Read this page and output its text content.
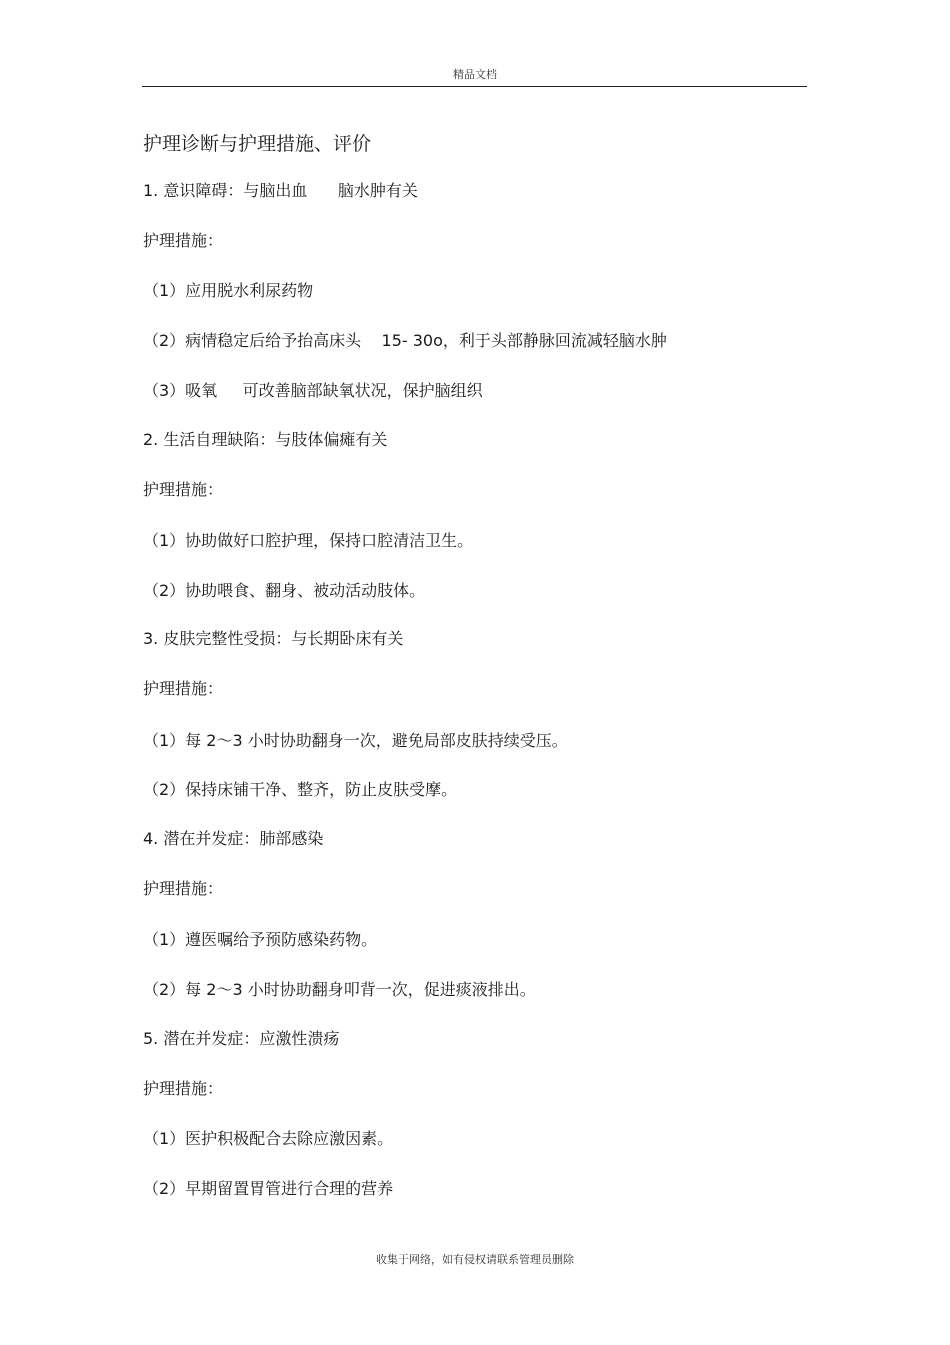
精品文档
护理诊断与护理措施、评价
1. 意识障碍：与脑出血      脑水肿有关
护理措施：
（1）应用脱水利尿药物
（2）病情稳定后给予抬高床头    15- 30o，利于头部静脉回流减轻脑水肿
（3）吸氧     可改善脑部缺氧状况，保护脑组织
2. 生活自理缺陷：与肢体偏瘫有关
护理措施：
（1）协助做好口腔护理，保持口腔清洁卫生。
（2）协助喂食、翻身、被动活动肢体。
3. 皮肤完整性受损：与长期卧床有关
护理措施：
（1）每 2～3 小时协助翻身一次，避免局部皮肤持续受压。
（2）保持床铺干净、整齐，防止皮肤受摩。
4. 潜在并发症：肺部感染
护理措施：
（1）遵医嘱给予预防感染药物。
（2）每 2～3 小时协助翻身叩背一次，促进痰液排出。
5. 潜在并发症：应激性溃疡
护理措施：
（1）医护积极配合去除应激因素。
（2）早期留置胃管进行合理的营养
收集于网络，如有侵权请联系管理员删除
